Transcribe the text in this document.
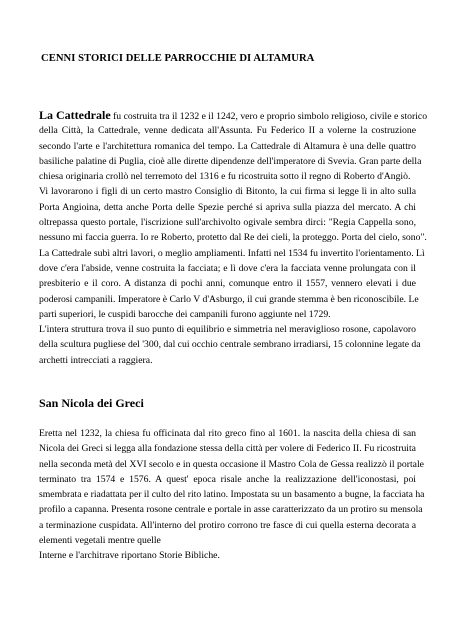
CENNI STORICI DELLE PARROCCHIE DI ALTAMURA
La Cattedrale fu costruita tra il 1232 e il 1242, vero e proprio simbolo religioso, civile e storico
della Città, la Cattedrale, venne dedicata all'Assunta. Fu Federico II a volerne la costruzione
secondo l'arte e l'architettura romanica del tempo. La Cattedrale di Altamura è una delle quattro
basiliche palatine di Puglia, cioè alle dirette dipendenze dell'imperatore di Svevia. Gran parte della
chiesa originaria crollò nel terremoto del 1316 e fu ricostruita sotto il regno di Roberto d'Angiò.
Vi lavorarono i figli di un certo mastro Consiglio di Bitonto, la cui firma si legge lì in alto sulla
Porta Angioina, detta anche Porta delle Spezie perché si apriva sulla piazza del mercato. A chi
oltrepassa questo portale, l'iscrizione sull'archivolto ogivale sembra dirci: "Regia Cappella sono,
nessuno mi faccia guerra. Io re Roberto, protetto dal Re dei cieli, la proteggo. Porta del cielo, sono".
La Cattedrale subì altri lavori, o meglio ampliamenti. Infatti nel 1534 fu invertito l'orientamento. Lì
dove c'era l'abside, venne costruita la facciata; e lì dove c'era la facciata venne prolungata con il
presbiterio e il coro. A distanza di pochi anni, comunque entro il 1557, vennero elevati i due
poderosi campanili. Imperatore è Carlo V d'Asburgo, il cui grande stemma è ben riconoscibile. Le
parti superiori, le cuspidi barocche dei campanili furono aggiunte nel 1729.
L'intera struttura trova il suo punto di equilibrio e simmetria nel meraviglioso rosone, capolavoro
della scultura pugliese del '300, dal cui occhio centrale sembrano irradiarsi, 15 colonnine legate da
archetti intrecciati a raggiera.
San Nicola dei Greci
Eretta nel 1232, la chiesa fu officinata dal rito greco fino al 1601. la nascita della chiesa di san
Nicola dei Greci si legga alla fondazione stessa della città per volere di Federico II. Fu ricostruita
nella seconda metà del XVI secolo e in questa occasione il Mastro Cola de Gessa realizzò il portale
terminato tra 1574 e 1576. A quest' epoca risale anche la realizzazione dell'iconostasi, poi
smembrata e riadattata per il culto del rito latino. Impostata su un basamento a bugne, la facciata ha
profilo a capanna. Presenta rosone centrale e portale in asse caratterizzato da un protiro su mensola
a terminazione cuspidata. All'interno del protiro corrono tre fasce di cui quella esterna decorata a
elementi vegetali mentre quelle
Interne e l'architrave riportano Storie Bibliche.
